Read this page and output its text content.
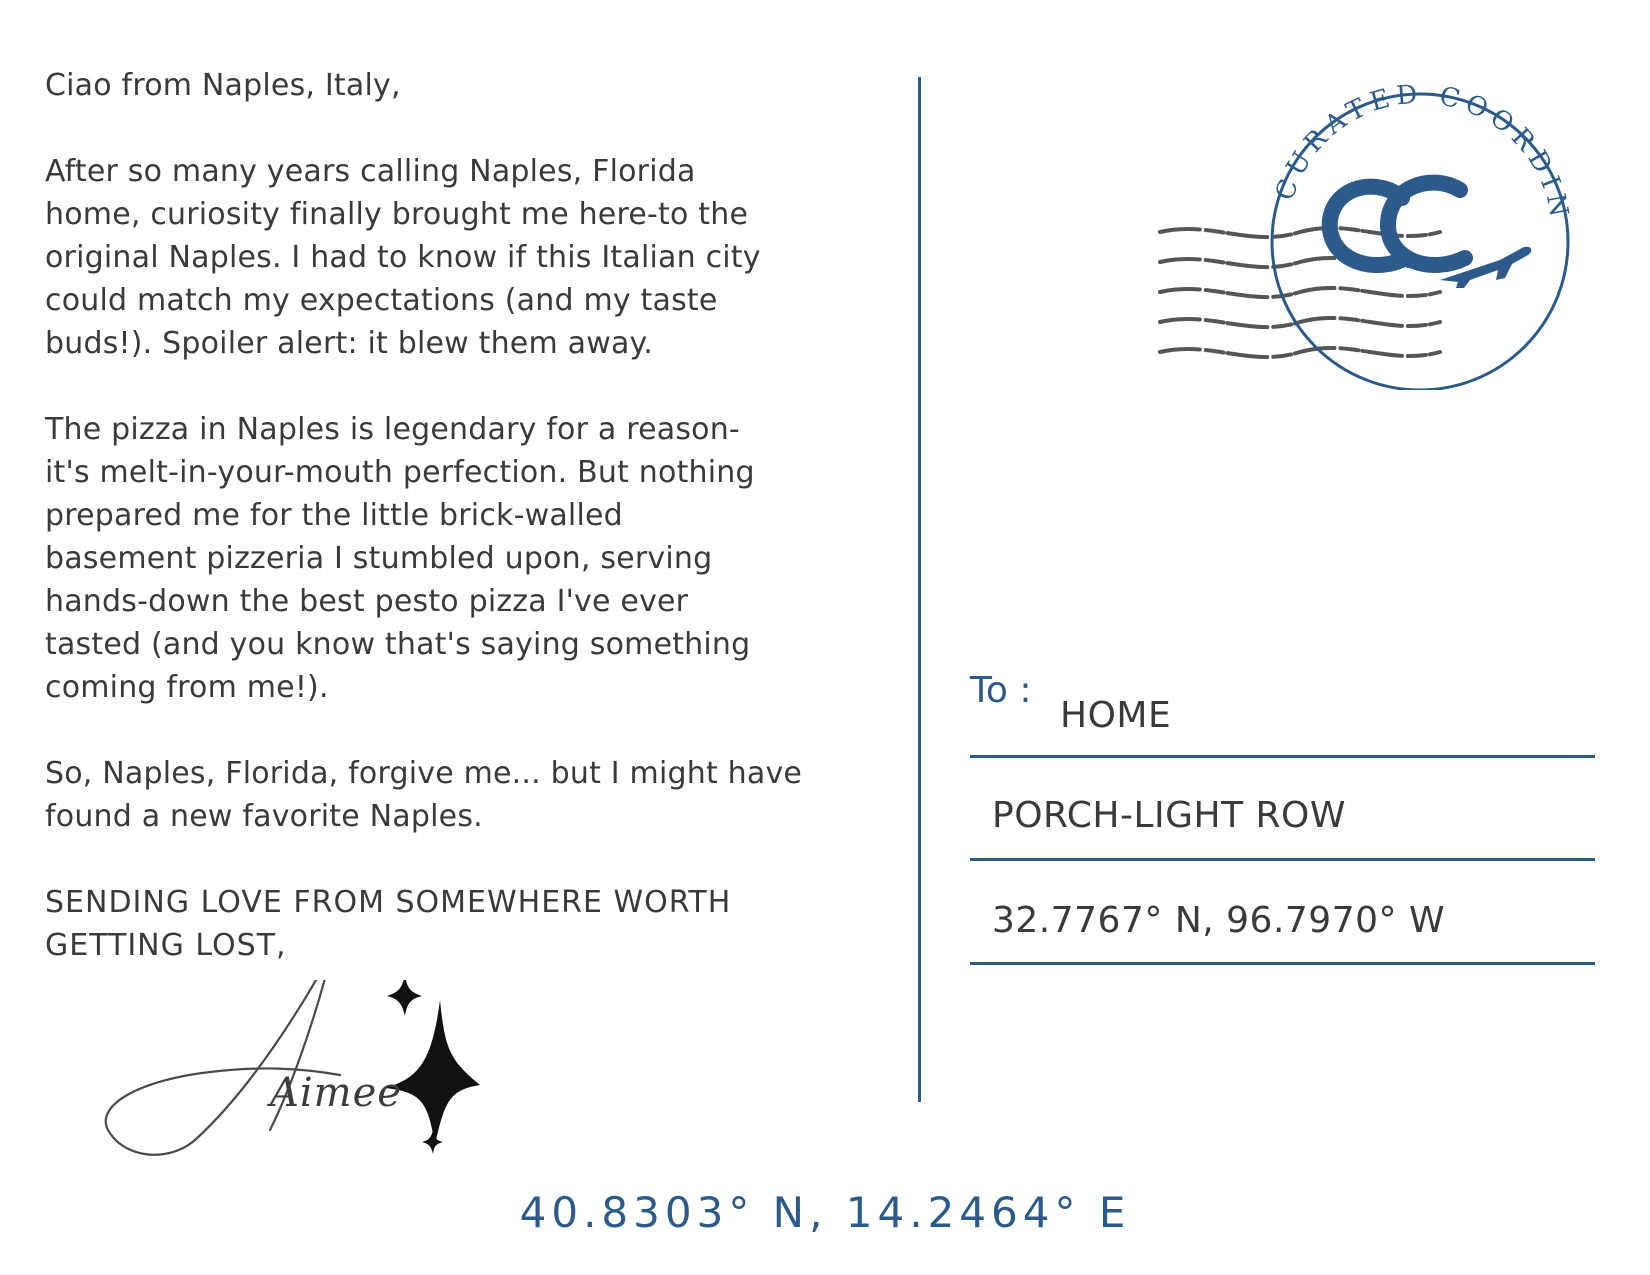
Ciao from Naples, Italy,

After so many years calling Naples, Florida
home, curiosity finally brought me here-to the
original Naples. I had to know if this Italian city
could match my expectations (and my taste
buds!). Spoiler alert: it blew them away.

The pizza in Naples is legendary for a reason-
it's melt-in-your-mouth perfection. But nothing
prepared me for the little brick-walled
basement pizzeria I stumbled upon, serving
hands-down the best pesto pizza I've ever
tasted (and you know that's saying something
coming from me!).

So, Naples, Florida, forgive me... but I might have
found a new favorite Naples.

SENDING LOVE FROM SOMEWHERE WORTH
GETTING LOST,

Aimee
CURATED COORDIN
To :
HOME
PORCH-LIGHT ROW
32.7767° N, 96.7970° W
40.8303° N, 14.2464° E
